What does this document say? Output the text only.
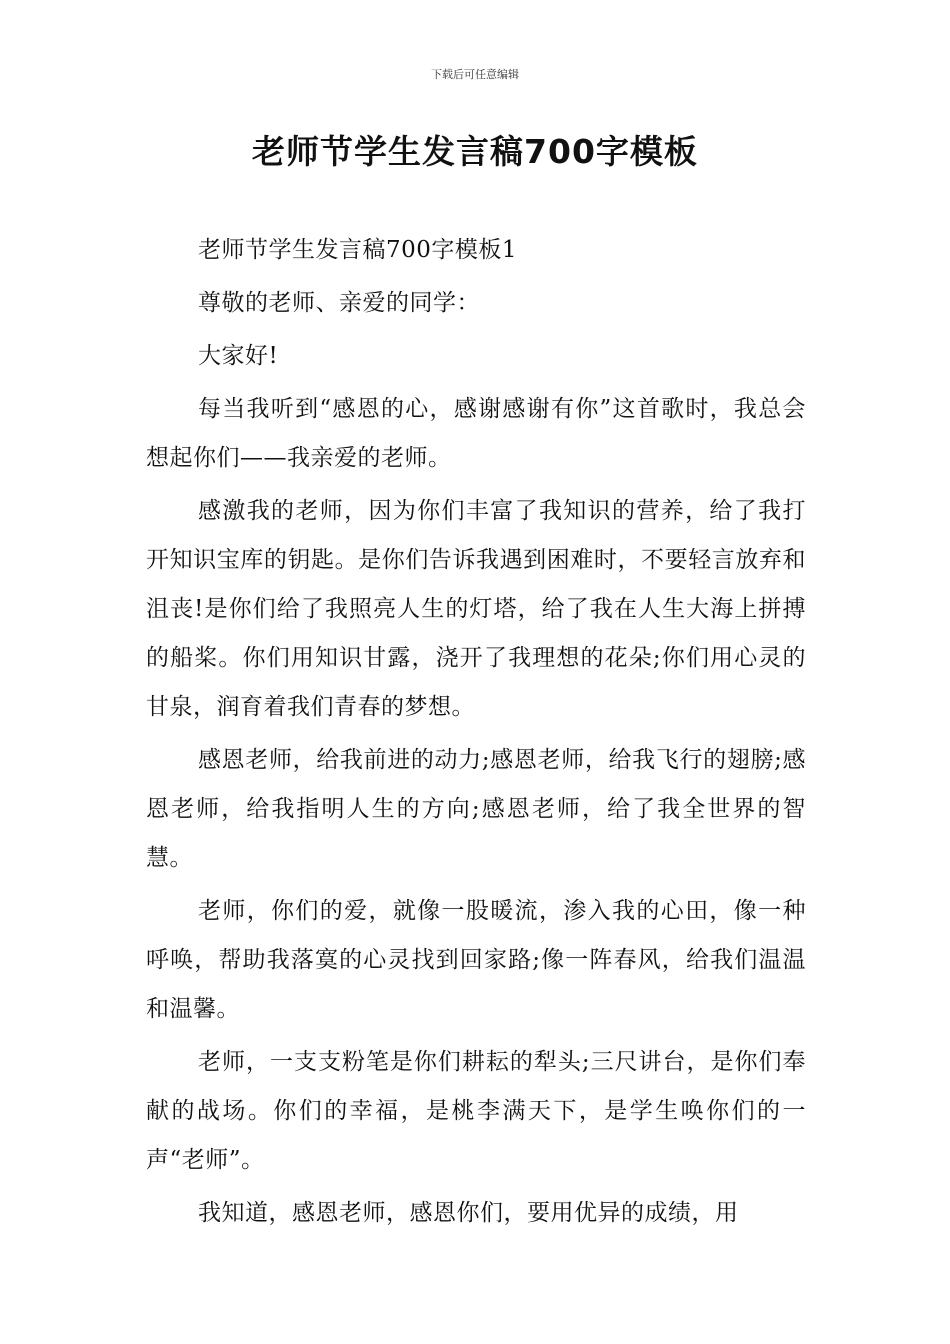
下载后可任意编辑
老师节学生发言稿700字模板

老师节学生发言稿700字模板1

尊敬的老师、亲爱的同学：

大家好!

每当我听到“感恩的心，感谢感谢有你”这首歌时，我总会想起你们——我亲爱的老师。

感激我的老师，因为你们丰富了我知识的营养，给了我打开知识宝库的钥匙。是你们告诉我遇到困难时，不要轻言放弃和沮丧!是你们给了我照亮人生的灯塔，给了我在人生大海上拼搏的船桨。你们用知识甘露，浇开了我理想的花朵;你们用心灵的甘泉，润育着我们青春的梦想。

感恩老师，给我前进的动力;感恩老师，给我飞行的翅膀;感恩老师，给我指明人生的方向;感恩老师，给了我全世界的智慧。

老师，你们的爱，就像一股暖流，渗入我的心田，像一种呼唤，帮助我落寞的心灵找到回家路;像一阵春风，给我们温温和温馨。

老师，一支支粉笔是你们耕耘的犁头;三尺讲台，是你们奉献的战场。你们的幸福，是桃李满天下，是学生唤你们的一声“老师”。

我知道，感恩老师，感恩你们，要用优异的成绩，用
